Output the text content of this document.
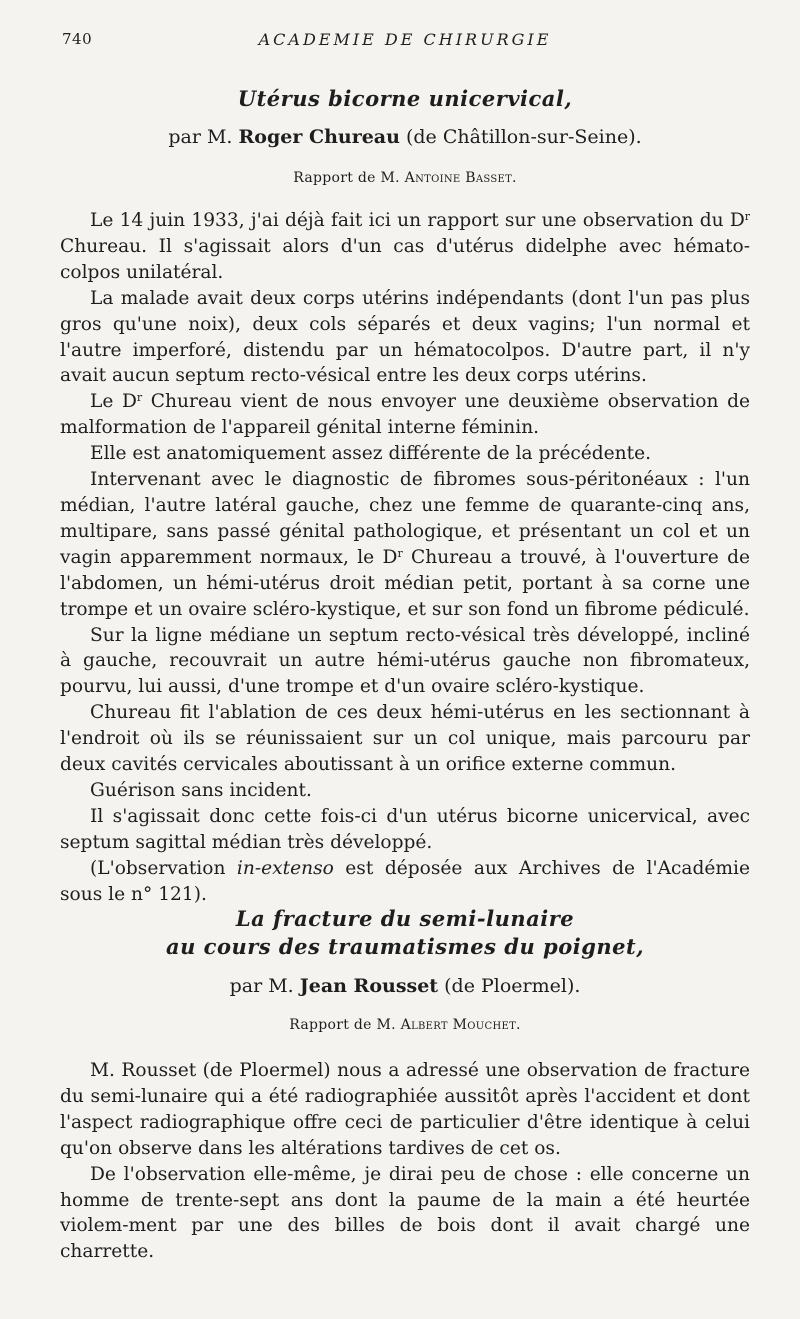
740	ACADEMIE DE CHIRURGIE
Utérus bicorne unicervical,
par M. Roger Chureau (de Châtillon-sur-Seine).
Rapport de M. Antoine Basset.

Le 14 juin 1933, j'ai déjà fait ici un rapport sur une observation du $D^r$ Chureau. Il s'agissait alors d'un cas d'utérus didelphe avec hémato-colpos unilatéral.

La malade avait deux corps utérins indépendants (dont l'un pas plus gros qu'une noix), deux cols séparés et deux vagins; l'un normal et l'autre imperforé, distendu par un hématocolpos. D'autre part, il n'y avait aucun septum recto-vésical entre les deux corps utérins.

Le $D^r$ Chureau vient de nous envoyer une deuxième observation de malformation de l'appareil génital interne féminin.

Elle est anatomiquement assez différente de la précédente.

Intervenant avec le diagnostic de fibromes sous-péritonéaux : l'un médian, l'autre latéral gauche, chez une femme de quarante-cinq ans, multipare, sans passé génital pathologique, et présentant un col et un vagin apparemment normaux, le $D^r$ Chureau a trouvé, à l'ouverture de l'abdomen, un hémi-utérus droit médian petit, portant à sa corne une trompe et un ovaire scléro-kystique, et sur son fond un fibrome pédiculé.

Sur la ligne médiane un septum recto-vésical très développé, incliné à gauche, recouvrait un autre hémi-utérus gauche non fibromateux, pourvu, lui aussi, d'une trompe et d'un ovaire scléro-kystique.

Chureau fit l'ablation de ces deux hémi-utérus en les sectionnant à l'endroit où ils se réunissaient sur un col unique, mais parcouru par deux cavités cervicales aboutissant à un orifice externe commun.

Guérison sans incident.

Il s'agissait donc cette fois-ci d'un utérus bicorne unicervical, avec septum sagittal médian très développé.

(L'observation in-extenso est déposée aux Archives de l'Académie sous le n° 121).

La fracture du semi-lunaire
au cours des traumatismes du poignet,
par M. Jean Rousset (de Ploermel).
Rapport de M. Albert Mouchet.

M. Rousset (de Ploermel) nous a adressé une observation de fracture du semi-lunaire qui a été radiographiée aussitôt après l'accident et dont l'aspect radiographique offre ceci de particulier d'être identique à celui qu'on observe dans les altérations tardives de cet os.

De l'observation elle-même, je dirai peu de chose : elle concerne un homme de trente-sept ans dont la paume de la main a été heurtée violem-ment par une des billes de bois dont il avait chargé une charrette.
